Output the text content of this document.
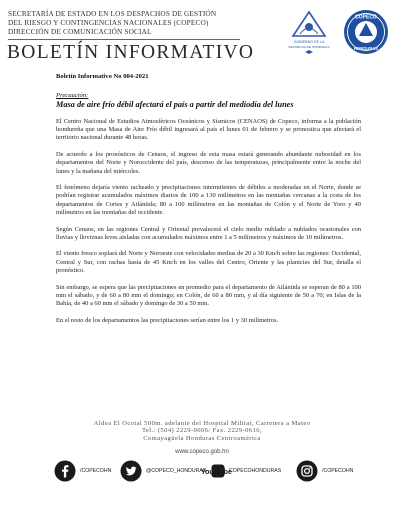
SECRETARÍA DE ESTADO EN LOS DESPACHOS DE GESTIÓN
DEL RIESGO Y CONTINGENCIAS NACIONALES (COPECO)
DIRECCIÓN DE COMUNICACIÓN SOCIAL
BOLETÍN INFORMATIVO	GOBIERNO DE LA
REPÚBLICA DE HONDURAS
COPECO
HONDURAS
Boletín Informativo No 004-2021
Precaución:
Masa de aire frío débil afectará el país a partir del mediodía del lunes

El Centro Nacional de Estudios Atmosféricos Oceánicos y Sísmicos (CENAOS) de Copeco, informa a la población hondureña que una Masa de Aire Frío débil ingresará al país el lunes 01 de febrero y se pronostica que afectará el territorio nacional durante 48 horas.

De acuerdo a los pronósticos de Cenaos, el ingreso de esta masa estará generando abundante nubosidad en los departamentos del Norte y Noroccidente del país, descenso de las temperaturas, principalmente entre la noche del lunes y la mañana del miércoles.

El fenómeno dejaría viento racheado y precipitaciones intermitentes de débiles a moderadas en el Norte, donde se podrían registrar acumulados máximos diarios de 100 a 130 milímetros en las montañas cercanas a la costa de los departamentos de Cortes y Atlántida; 80 a 100 milímetros en las montañas de Colón y el Norte de Yoro y 40 milímetros en las montañas del occidente.

Según Cenaos, en las regiones Central y Oriental prevalecerá el cielo medio nublado a nublados ocasionales con lluvias y lloviznas leves aisladas con acumulados máximos entre 1 a 5 milímetros y máximos de 10 milímetros.

El viento fresco soplará del Norte y Noroeste con velocidades medias de 20 a 30 Km/h sobre las regiones: Occidental, Central y Sur, con rachas hasta de 45 Km/h en los valles del Centro, Oriente y las planicies del Sur, detalla el pronóstico.

Sin embargo, se espera que las precipitaciones en promedio para el departamento de Atlántida se esperan de 80 a 100 mm el sábado, y de 60 a 80 mm el domingo; en Colón, de 60 a 80 mm, y al día siguiente de 50 a 70; en Islas de la Bahía, de 40 a 60 mm el sábado y domingo de 30 a 50 mm.

En el resto de los departamentos las precipitaciones serían entre los 1 y 30 milímetros.

Aldea El Ocotal 500m. adelante del Hospital Militar, Carretera a Mateo
Tel.: (504) 2229-0606/ Fax. 2229-0616,
Comayagüela Honduras Centroamérica
www.copeco.gob.hn
/COPECOHN	@COPECO_HONDURAS
You Tube
COPECOHONDURAS	/COPECOHN
